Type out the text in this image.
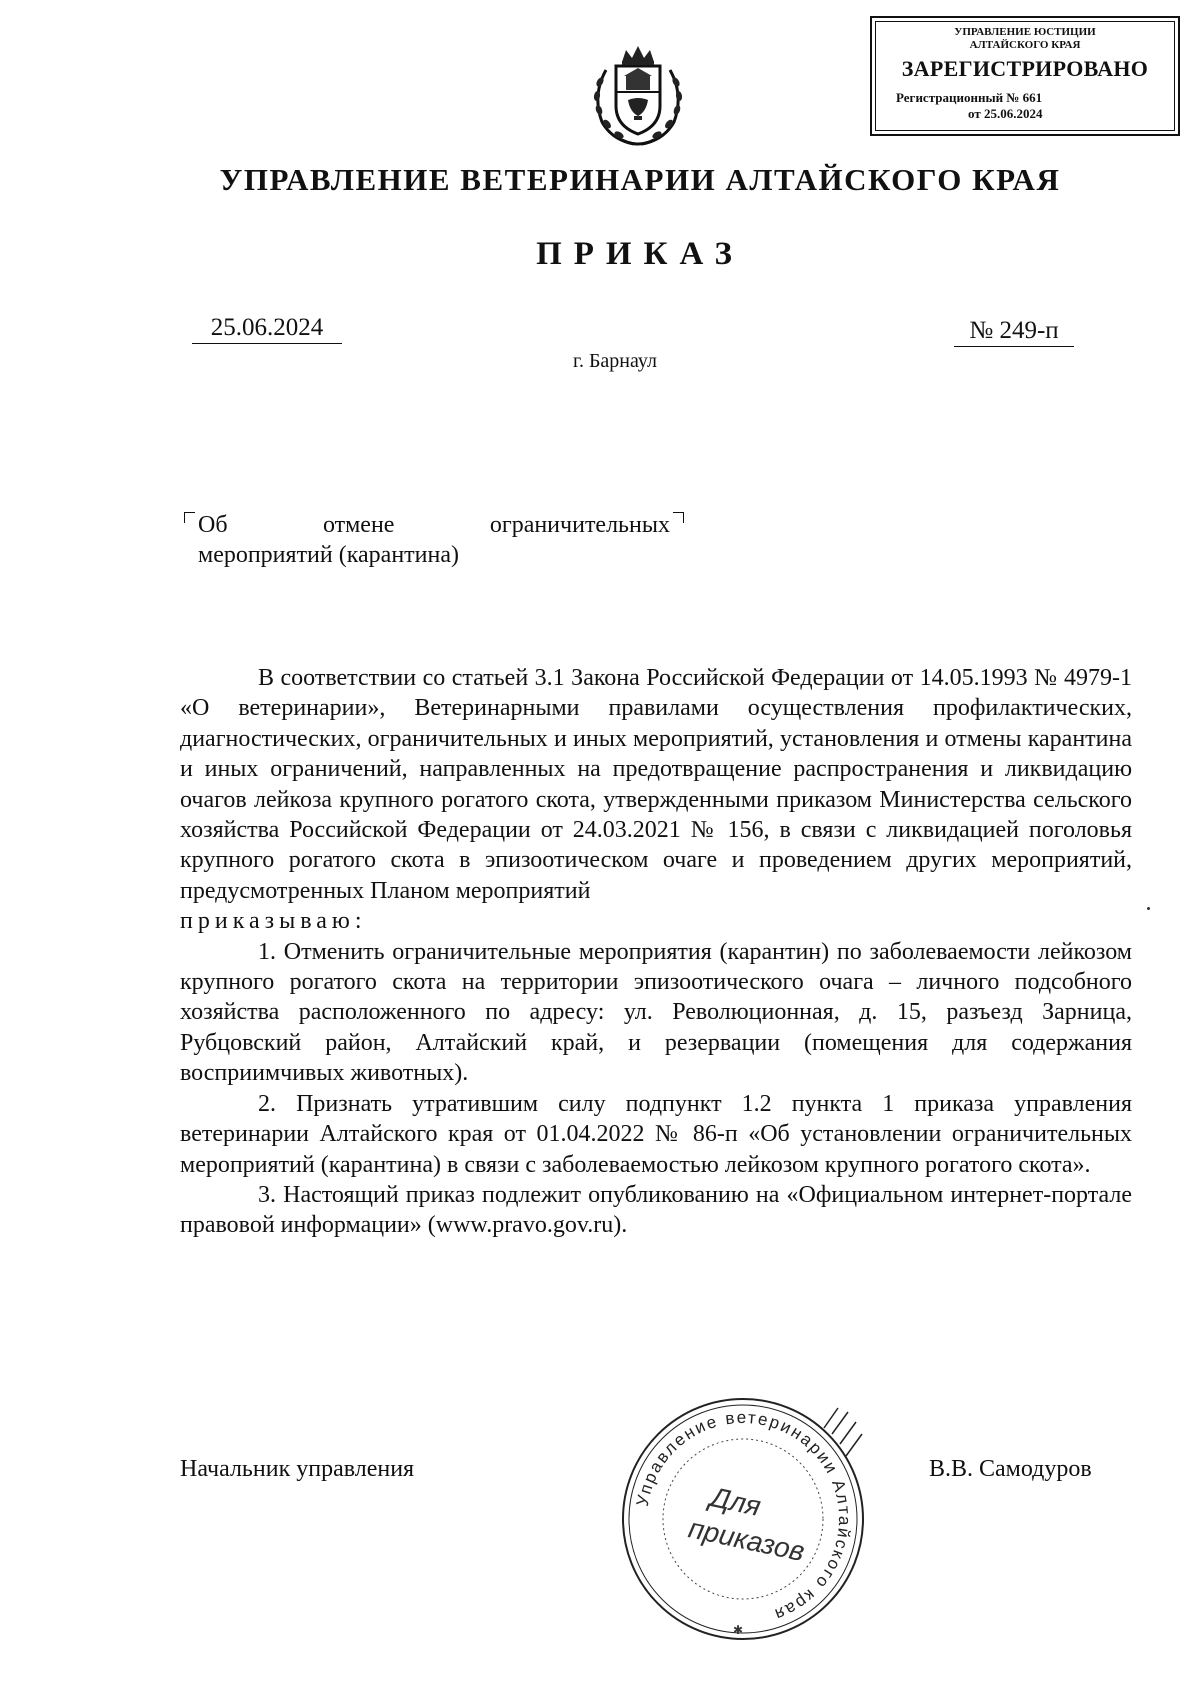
УПРАВЛЕНИЕ ЮСТИЦИИ
АЛТАЙСКОГО КРАЯ
ЗАРЕГИСТРИРОВАНО
Регистрационный № 661
от 25.06.2024
УПРАВЛЕНИЕ ВЕТЕРИНАРИИ АЛТАЙСКОГО КРАЯ
ПРИКАЗ
25.06.2024	№ 249-п
г. Барнаул
Об	отмене	ограничительных
мероприятий (карантина)

В соответствии со статьей 3.1 Закона Российской Федерации от 14.05.1993 № 4979-1 «О ветеринарии», Ветеринарными правилами осуществления профилактических, диагностических, ограничительных и иных мероприятий, установления и отмены карантина и иных ограничений, направленных на предотвращение распространения и ликвидацию очагов лейкоза крупного рогатого скота, утвержденными приказом Министерства сельского хозяйства Российской Федерации от 24.03.2021 № 156, в связи с ликвидацией поголовья крупного рогатого скота в эпизоотическом очаге и проведением других мероприятий, предусмотренных Планом мероприятий

приказываю:

1. Отменить ограничительные мероприятия (карантин) по заболеваемости лейкозом крупного рогатого скота на территории эпизоотического очага – личного подсобного хозяйства расположенного по адресу: ул. Революционная, д. 15, разъезд Зарница, Рубцовский район, Алтайский край, и резервации (помещения для содержания восприимчивых животных).

2. Признать утратившим силу подпункт 1.2 пункта 1 приказа управления ветеринарии Алтайского края от 01.04.2022 № 86-п «Об установлении ограничительных мероприятий (карантина) в связи с заболеваемостью лейкозом крупного рогатого скота».

3. Настоящий приказ подлежит опубликованию на «Официальном интернет-портале правовой информации» (www.pravo.gov.ru).

Начальник управления	В.В. Самодуров
Управление ветеринарии Алтайского края
Для
приказов
✱
